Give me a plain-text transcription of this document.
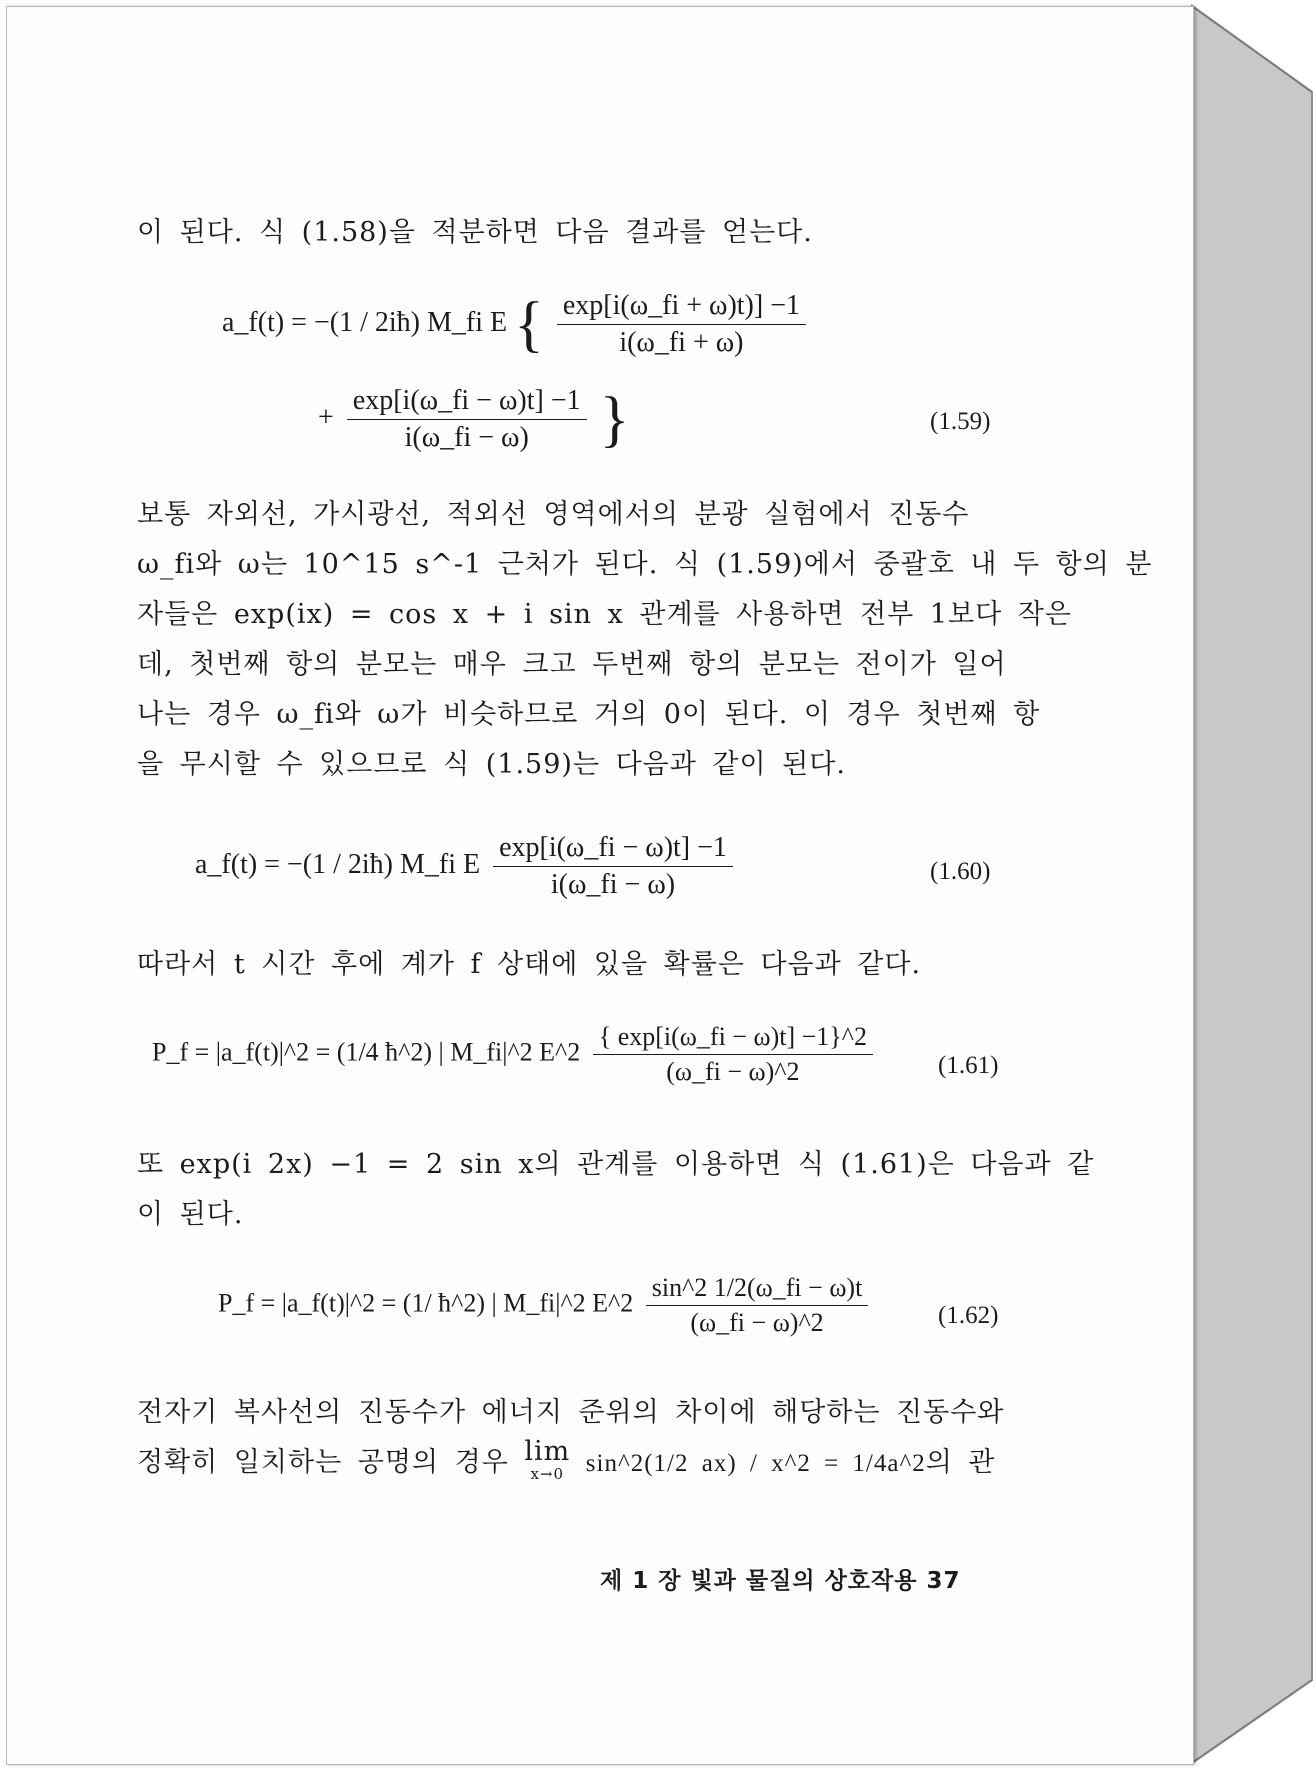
이 된다. 식 (1.58)을 적분하면 다음 결과를 얻는다.
a_f(t) = −(1 / 2iħ) M_fi E { $\frac{\exp[i(\omega\_fi + \omega)t)] -1}{i(\omega\_fi + \omega)}$
+ $\frac{\exp[i(\omega\_fi - \omega)t] -1}{i(\omega\_fi - \omega)}$ }	(1.59)
보통 자외선, 가시광선, 적외선 영역에서의 분광 실험에서 진동수
ω_fi와 ω는 10^15 s^-1 근처가 된다. 식 (1.59)에서 중괄호 내 두 항의 분
자들은 exp(ix) = cos x + i sin x 관계를 사용하면 전부 1보다 작은
데, 첫번째 항의 분모는 매우 크고 두번째 항의 분모는 전이가 일어
나는 경우 ω_fi와 ω가 비슷하므로 거의 0이 된다. 이 경우 첫번째 항
을 무시할 수 있으므로 식 (1.59)는 다음과 같이 된다.
a_f(t) = −(1 / 2iħ) M_fi E $\frac{\exp[i(\omega\_fi - \omega)t] -1}{i(\omega\_fi - \omega)}$	(1.60)
따라서 t 시간 후에 계가 f 상태에 있을 확률은 다음과 같다.
P_f = |a_f(t)|^2 = (1/4 ħ^2) | M_fi|^2 E^2 $\frac{\{ \exp[i(\omega\_fi - \omega)t] -1\}\^{}2}{(\omega\_fi - \omega)\^{}2}$	(1.61)
또 exp(i 2x) −1 = 2 sin x의 관계를 이용하면 식 (1.61)은 다음과 같
이 된다.
P_f = |a_f(t)|^2 = (1/ ħ^2) | M_fi|^2 E^2 $\frac{\sin\^{}2 1/2(\omega\_fi - \omega)t}{(\omega\_fi - \omega)\^{}2}$	(1.62)
전자기 복사선의 진동수가 에너지 준위의 차이에 해당하는 진동수와
정확히 일치하는 공명의 경우 lim
x→0 sin^2(1/2 ax) / x^2 = 1/4a^2의 관
제 1 장 빛과 물질의 상호작용 37
